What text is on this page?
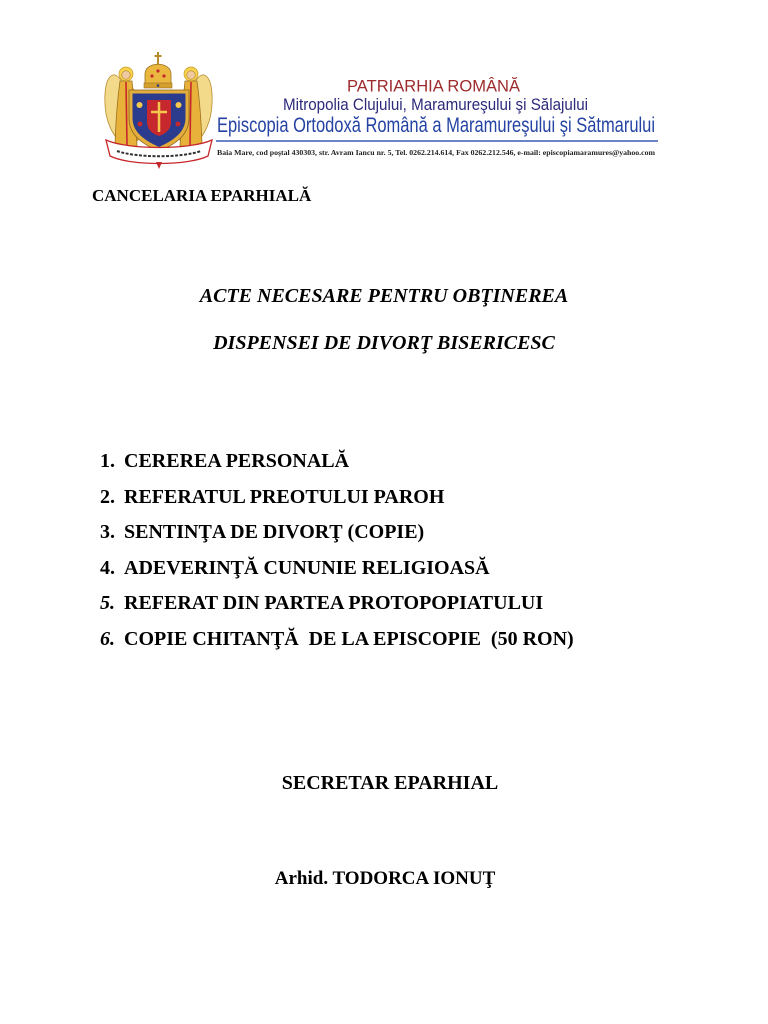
PATRIARHIA ROMÂNĂ
Mitropolia Clujului, Maramureşului şi Sălajului
Episcopia Ortodoxă Română a Maramureşului şi Sătmarului
Baia Mare, cod poştal 430303, str. Avram Iancu nr. 5, Tel. 0262.214.614, Fax 0262.212.546, e-mail: episcopiamaramures@yahoo.com
CANCELARIA EPARHIALĂ
ACTE NECESARE PENTRU OBŢINEREA
DISPENSEI DE DIVORŢ BISERICESC
1. CEREREA PERSONALĂ
2. REFERATUL PREOTULUI PAROH
3. SENTINŢA DE DIVORŢ (COPIE)
4. ADEVERINŢĂ CUNUNIE RELIGIOASĂ
5. REFERAT DIN PARTEA PROTOPOPIATULUI
6. COPIE CHITANŢĂ  DE LA EPISCOPIE  (50 RON)
SECRETAR EPARHIAL
Arhid. TODORCA IONUŢ
